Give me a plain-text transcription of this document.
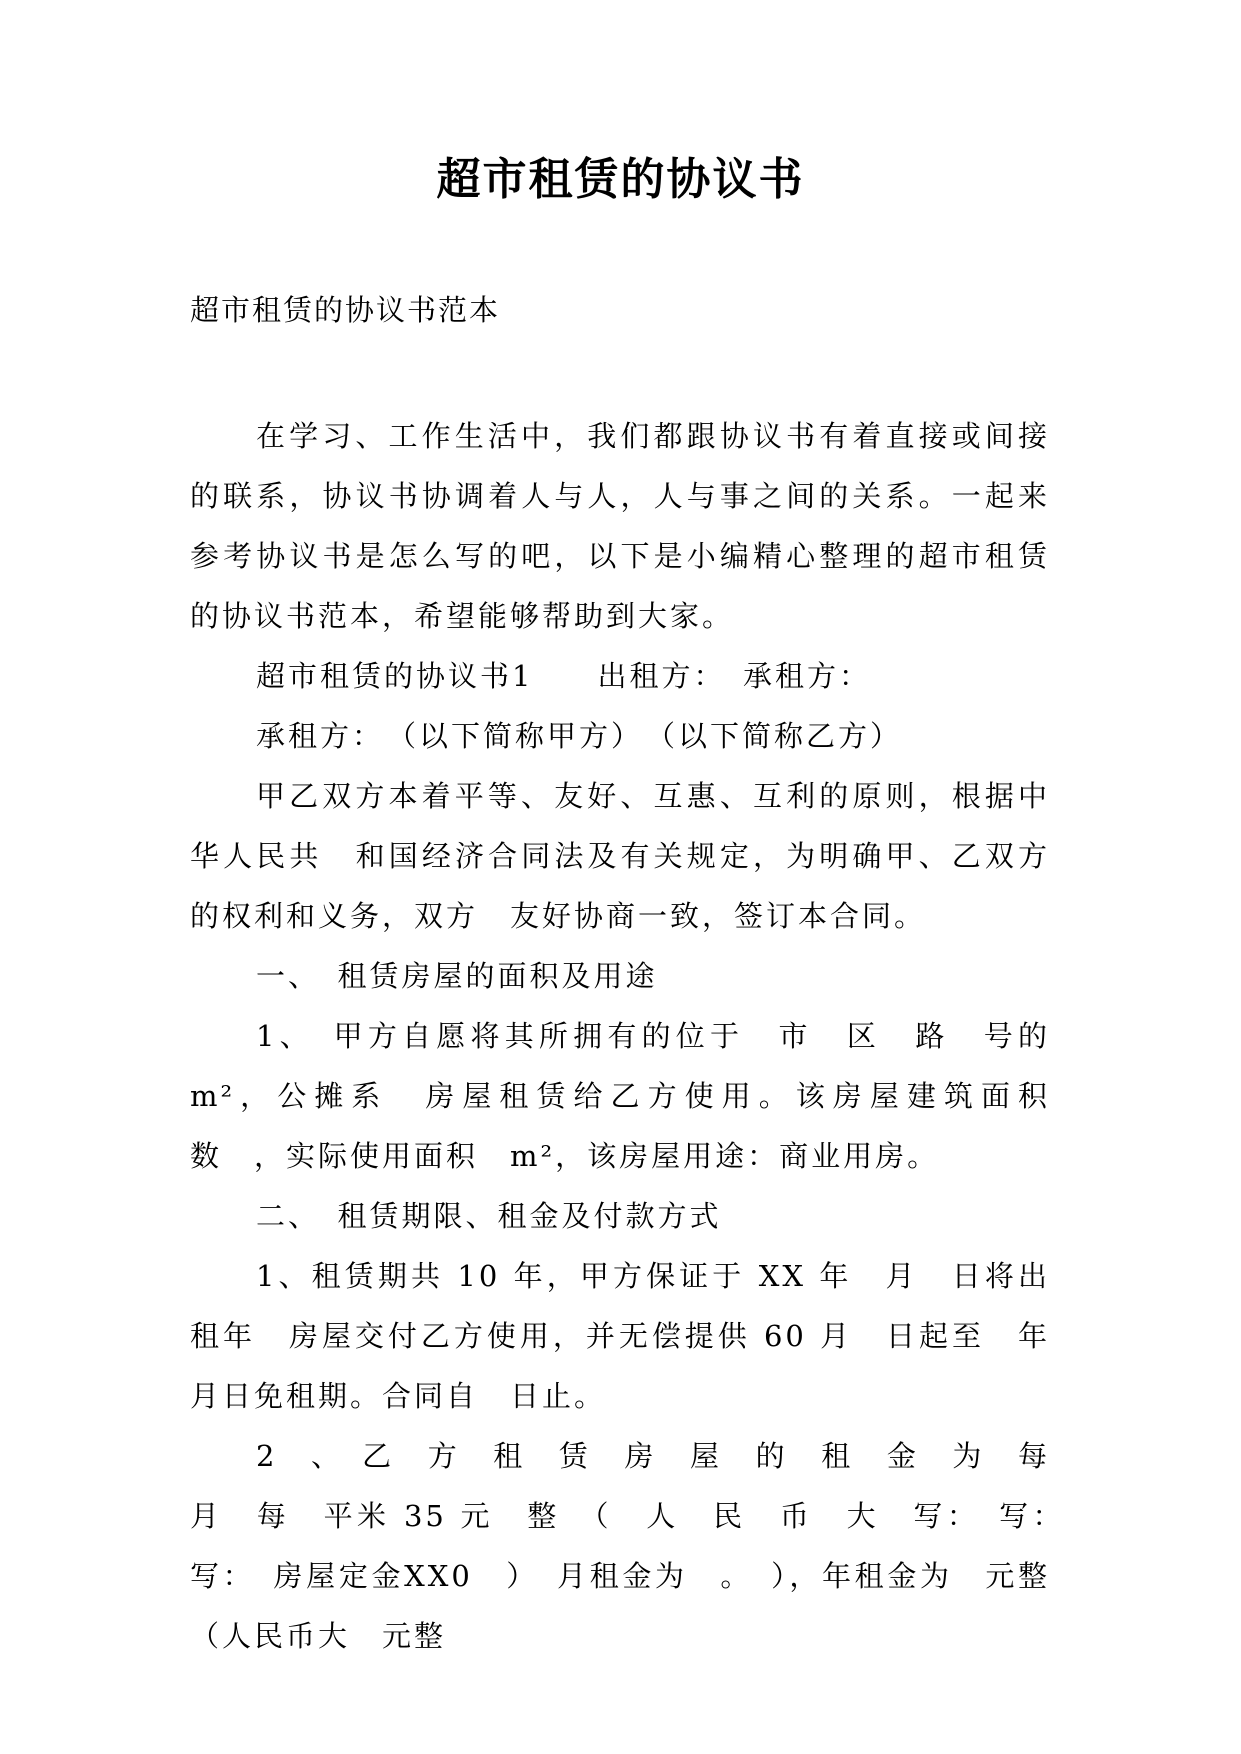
超市租赁的协议书

超市租赁的协议书范本

在学习、工作生活中，我们都跟协议书有着直接或间接的联系，协议书协调着人与人，人与事之间的关系。一起来参考协议书是怎么写的吧，以下是小编精心整理的超市租赁的协议书范本，希望能够帮助到大家。

超市租赁的协议书1　　出租方：　承租方：

承租方：　（以下简称甲方）　（以下简称乙方）

甲乙双方本着平等、友好、互惠、互利的原则，根据中华人民共　和国经济合同法及有关规定，为明确甲、乙双方的权利和义务，双方　友好协商一致，签订本合同。

一、　租赁房屋的面积及用途

1、　甲方自愿将其所拥有的位于　市　区　路　号的　m²，公摊系　房屋租赁给乙方使用。该房屋建筑面积　数　，实际使用面积　m²，该房屋用途：商业用房。

二、　租赁期限、租金及付款方式

1、租赁期共 10 年，甲方保证于 XX 年　月　日将出租年　房屋交付乙方使用，并无偿提供 60 月　日起至　年　月日免租期。合同自　日止。

2　、　乙　方　租　赁　房　屋　的　租　金　为　每　月　每　平米 35 元　整　（　人　民　币　大　写：　写：　写：　房屋定金XX0　）　月租金为　。　），年租金为　元整（人民币大　元整
